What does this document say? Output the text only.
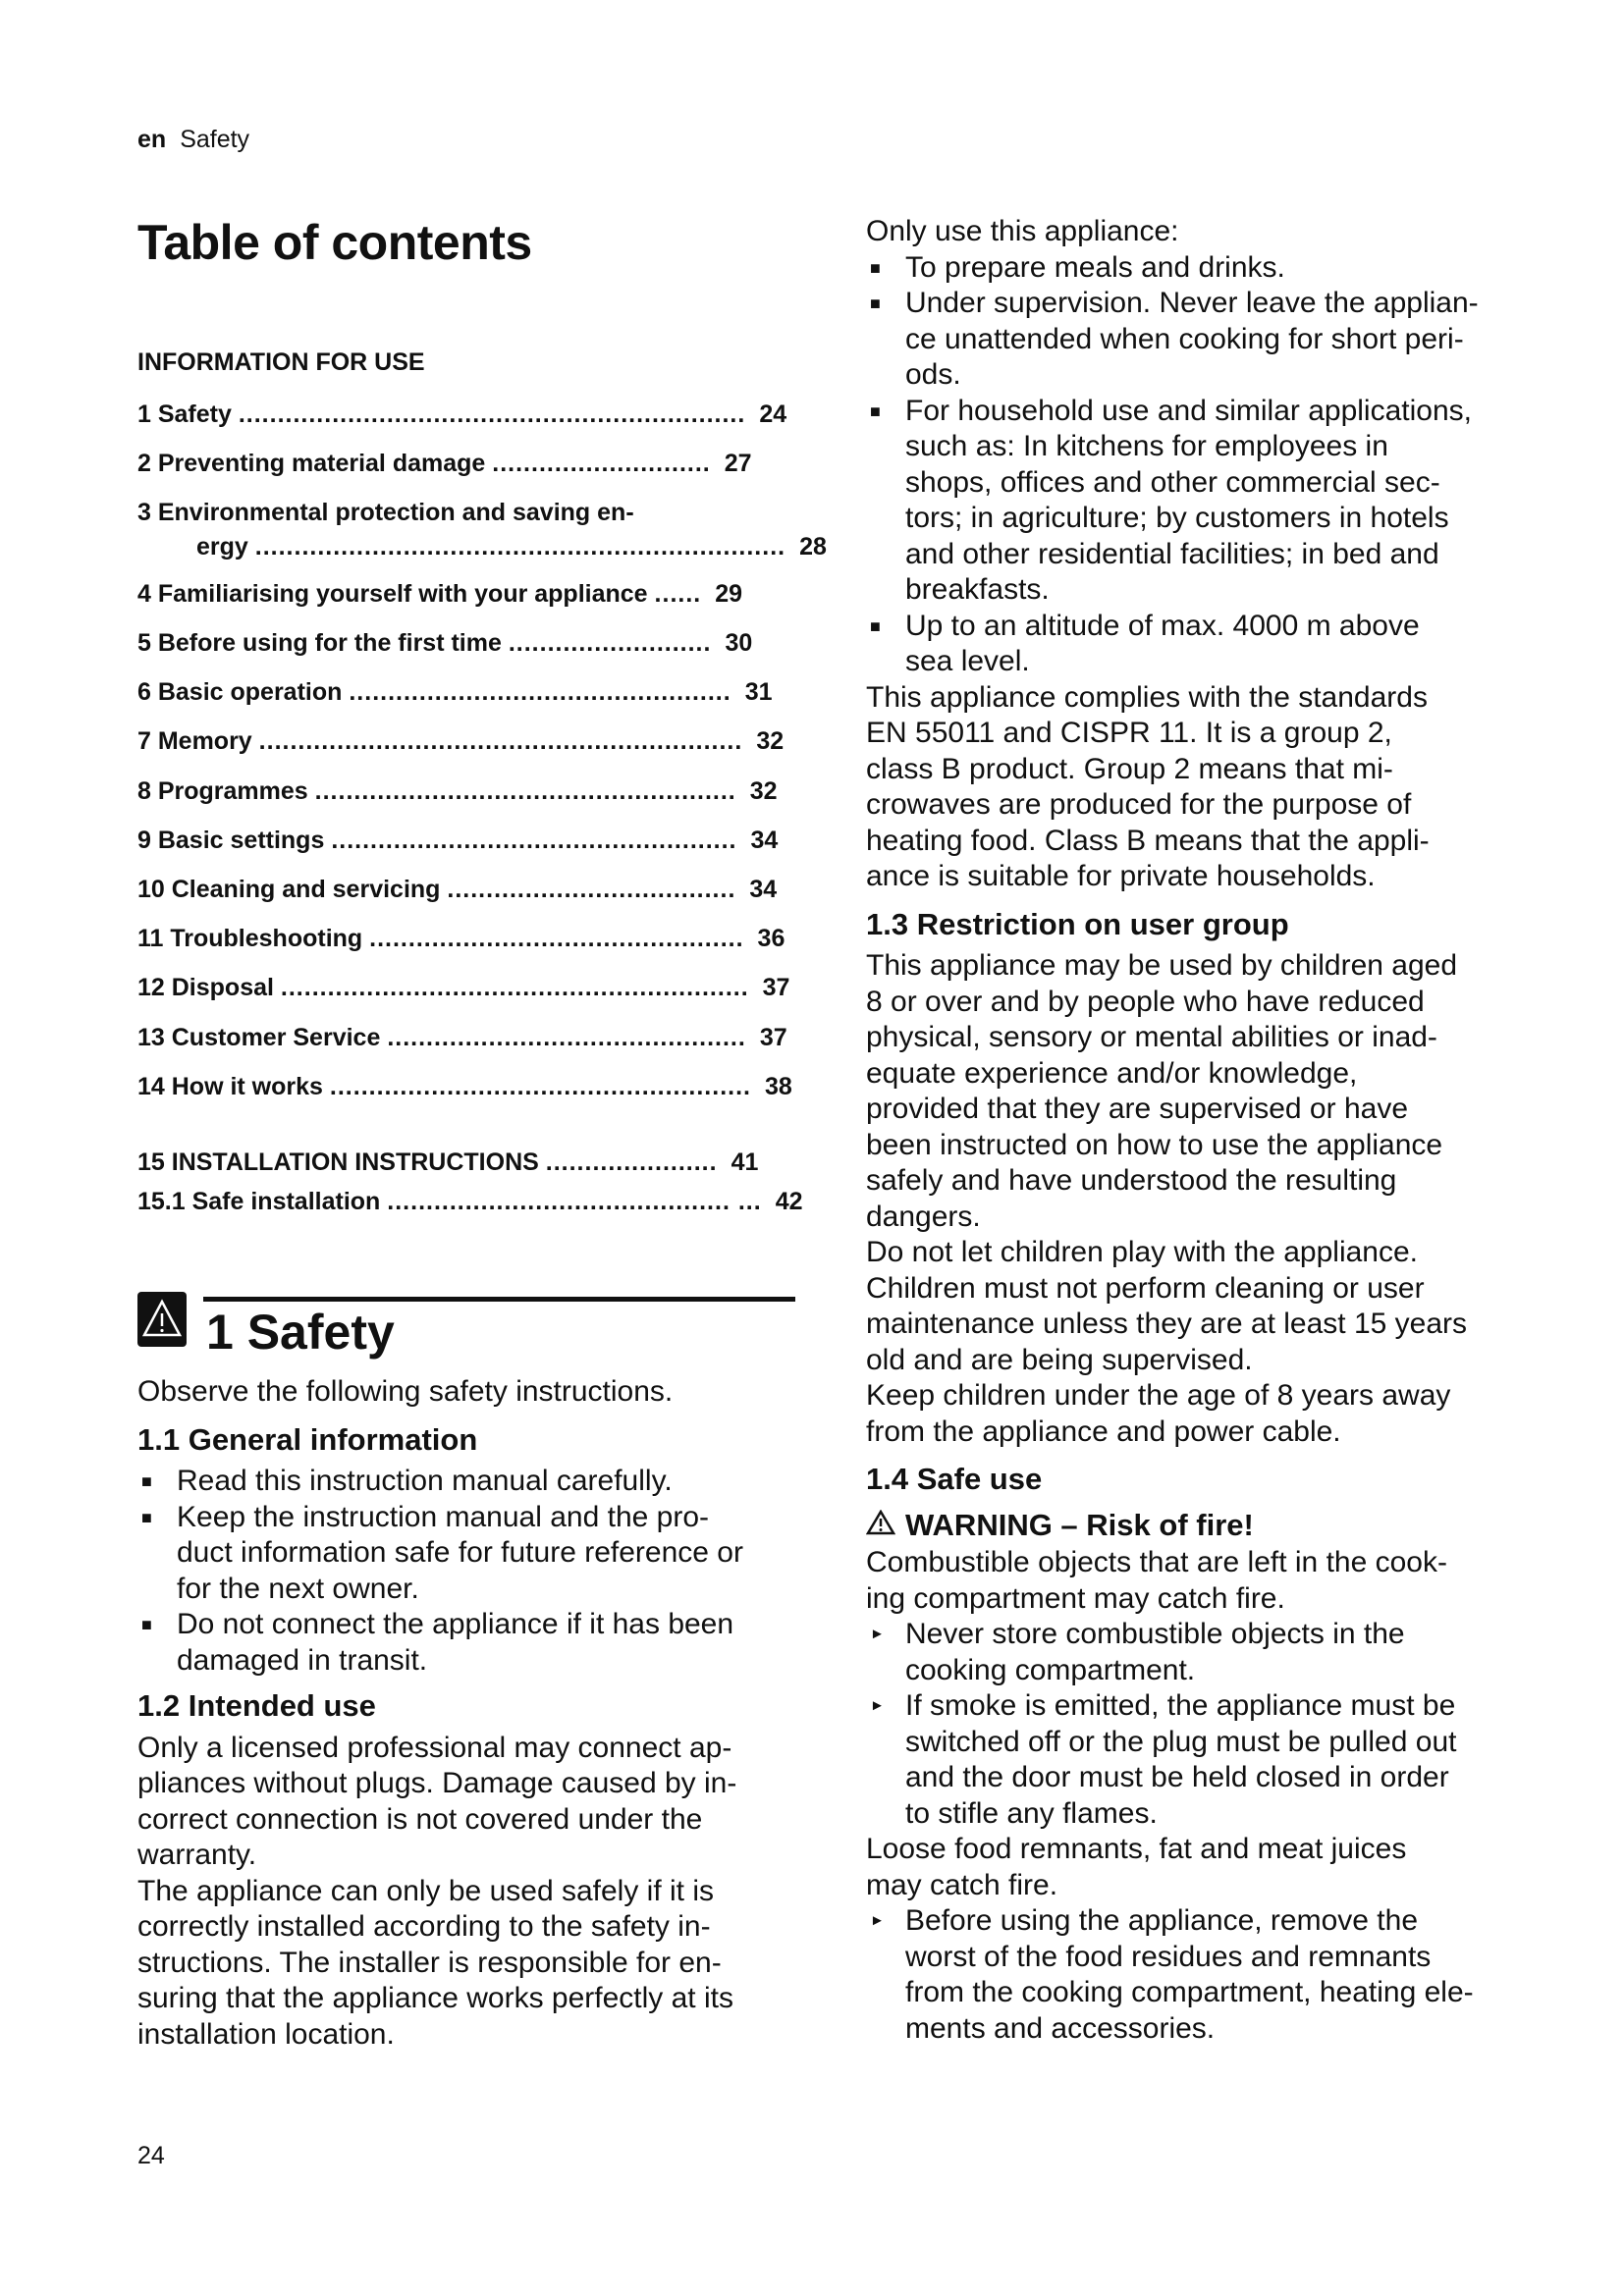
en Safety
Table of contents
INFORMATION FOR USE
1 Safety ................................................................. 24
2 Preventing material damage ............................ 27
3 Environmental protection and saving en-
ergy .................................................................... 28
4 Familiarising yourself with your appliance ...... 29
5 Before using for the first time .......................... 30
6 Basic operation ................................................. 31
7 Memory .............................................................. 32
8 Programmes ...................................................... 32
9 Basic settings .................................................... 34
10 Cleaning and servicing ..................................... 34
11 Troubleshooting ................................................ 36
12 Disposal ............................................................ 37
13 Customer Service .............................................. 37
14 How it works ...................................................... 38
15 INSTALLATION INSTRUCTIONS ...................... 41
15.1 Safe installation ............................................ ... 42
1 Safety
Observe the following safety instructions.
1.1 General information
■ Read this instruction manual carefully.
■ Keep the instruction manual and the pro-
duct information safe for future reference or
for the next owner.
■ Do not connect the appliance if it has been
damaged in transit.
1.2 Intended use
Only a licensed professional may connect ap-
pliances without plugs. Damage caused by in-
correct connection is not covered under the
warranty.
The appliance can only be used safely if it is
correctly installed according to the safety in-
structions. The installer is responsible for en-
suring that the appliance works perfectly at its
installation location.
Only use this appliance:
■ To prepare meals and drinks.
■ Under supervision. Never leave the applian-
ce unattended when cooking for short peri-
ods.
■ For household use and similar applications,
such as: In kitchens for employees in
shops, offices and other commercial sec-
tors; in agriculture; by customers in hotels
and other residential facilities; in bed and
breakfasts.
■ Up to an altitude of max. 4000 m above
sea level.
This appliance complies with the standards
EN 55011 and CISPR 11. It is a group 2,
class B product. Group 2 means that mi-
crowaves are produced for the purpose of
heating food. Class B means that the appli-
ance is suitable for private households.
1.3 Restriction on user group
This appliance may be used by children aged
8 or over and by people who have reduced
physical, sensory or mental abilities or inad-
equate experience and/or knowledge,
provided that they are supervised or have
been instructed on how to use the appliance
safely and have understood the resulting
dangers.
Do not let children play with the appliance.
Children must not perform cleaning or user
maintenance unless they are at least 15 years
old and are being supervised.
Keep children under the age of 8 years away
from the appliance and power cable.
1.4 Safe use
WARNING – Risk of fire!
Combustible objects that are left in the cook-
ing compartment may catch fire.
► Never store combustible objects in the
cooking compartment.
► If smoke is emitted, the appliance must be
switched off or the plug must be pulled out
and the door must be held closed in order
to stifle any flames.
Loose food remnants, fat and meat juices
may catch fire.
► Before using the appliance, remove the
worst of the food residues and remnants
from the cooking compartment, heating ele-
ments and accessories.
24
